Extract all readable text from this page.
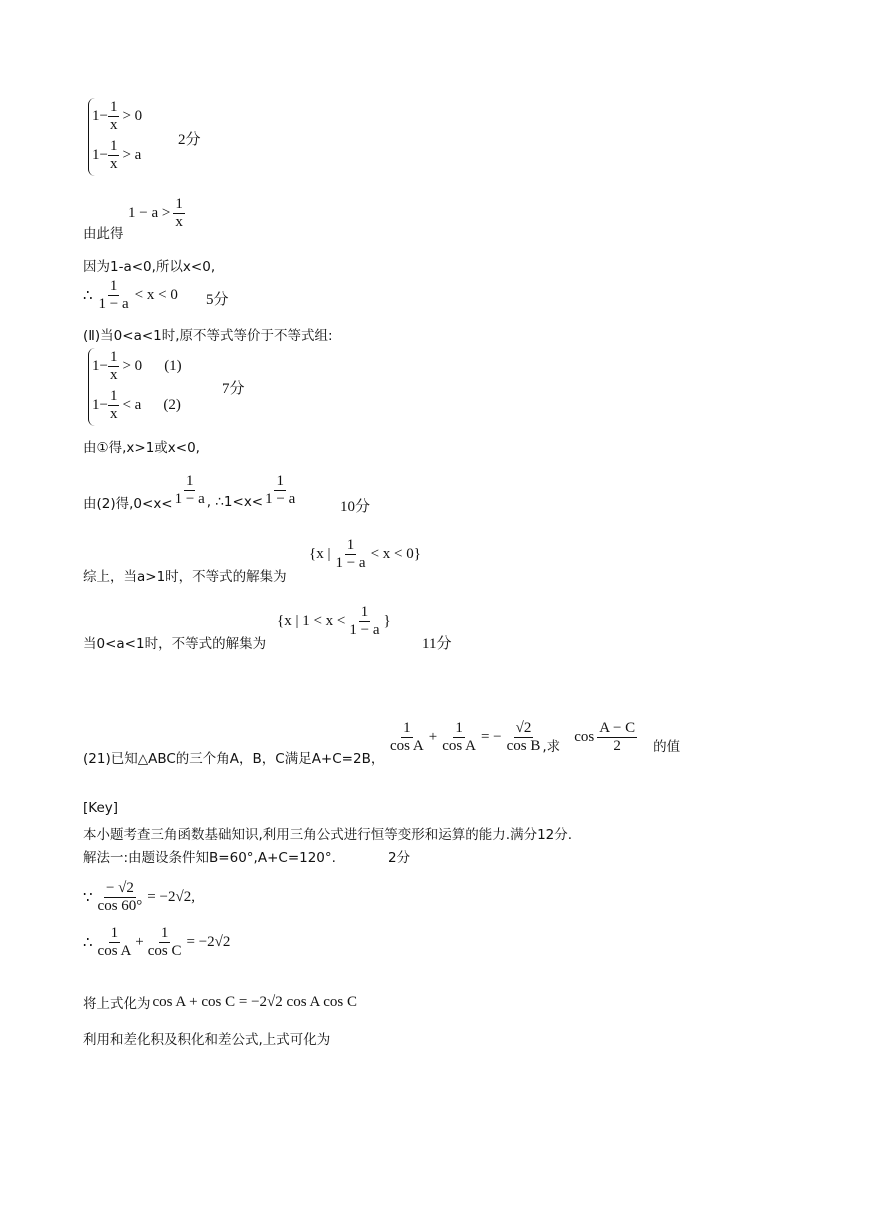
$1- \frac{1}{x} > 0$
$1- \frac{1}{x} > a$
2分
由此得
$1 - a > \frac{1}{x}$
因为1-a<0,所以x<0,
∴ $\frac{1}{1 - a} < x < 0$ 5分
(Ⅱ)当0<a<1时,原不等式等价于不等式组:
$1- \frac{1}{x} > 0$ (1)
$1- \frac{1}{x} < a$ (2)
7分
由①得,x>1或x<0,
由(2)得$,0<x< \frac{1}{1 - a}$ , ∴1<x< $\frac{1}{1 - a}$	10分
综上，当a>1时，不等式的解集为
{x | $\frac{1}{1 - a} < x < 0$}
当0<a<1时，不等式的解集为
{x | $1 < x < \frac{1}{1 - a}$ }
11分
(21)已知△ABC的三个角A，B，C满足A+C=2B，
$\frac{1}{\text{cos A}} + \frac{1}{\text{cos A}}$ = − $\frac{√2}{\text{cos B}}$ ,求
$\cos \frac{A - C}{2}$ 的值
[Key]
本小题考查三角函数基础知识,利用三角公式进行恒等变形和运算的能力.满分12分.
解法一:由题设条件知B=60°,A+C=120°.	2分
∵ $\frac{- √2}{\cos 60^\circ} = -2√2$,
∴ $\frac{1}{\text{cos A}} + \frac{1}{\text{cos C}} = -2√2$
将上式化为 cos A + cos C = −2√2 cos A cos C
利用和差化积及积化和差公式,上式可化为
